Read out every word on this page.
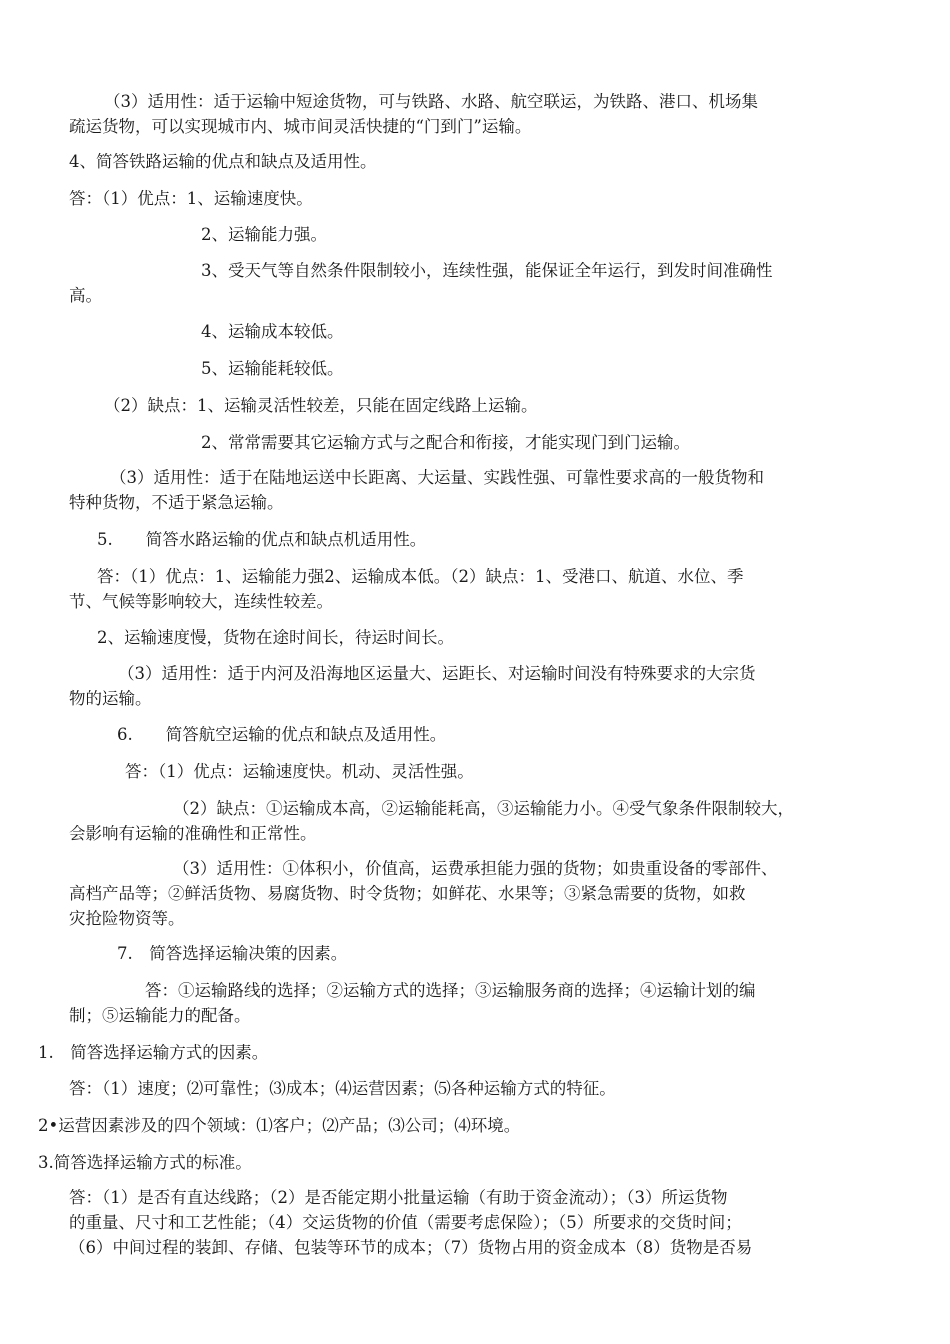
（3）适用性：适于运输中短途货物，可与铁路、水路、航空联运，为铁路、港口、机场集

疏运货物，可以实现城市内、城市间灵活快捷的“门到门”运输。

4、简答铁路运输的优点和缺点及适用性。

答：（1）优点：1、运输速度快。

2、运输能力强。

3、受天气等自然条件限制较小，连续性强，能保证全年运行，到发时间准确性

高。

4、运输成本较低。

5、运输能耗较低。

（2）缺点：1、运输灵活性较差，只能在固定线路上运输。

2、常常需要其它运输方式与之配合和衔接，才能实现门到门运输。

（3）适用性：适于在陆地运送中长距离、大运量、实践性强、可靠性要求高的一般货物和

特种货物，不适于紧急运输。

5.　　简答水路运输的优点和缺点机适用性。

答：（1）优点：1、运输能力强2、运输成本低。（2）缺点：1、受港口、航道、水位、季

节、气候等影响较大，连续性较差。

2、运输速度慢，货物在途时间长，待运时间长。

（3）适用性：适于内河及沿海地区运量大、运距长、对运输时间没有特殊要求的大宗货

物的运输。

6.　　简答航空运输的优点和缺点及适用性。

答：（1）优点：运输速度快。机动、灵活性强。

（2）缺点：①运输成本高，②运输能耗高，③运输能力小。④受气象条件限制较大，

会影响有运输的准确性和正常性。

（3）适用性：①体积小，价值高，运费承担能力强的货物；如贵重设备的零部件、

高档产品等；②鲜活货物、易腐货物、时令货物；如鲜花、水果等；③紧急需要的货物，如救

灾抢险物资等。

7.　简答选择运输决策的因素。

答：①运输路线的选择；②运输方式的选择；③运输服务商的选择；④运输计划的编

制；⑤运输能力的配备。

1.　简答选择运输方式的因素。

答：（1）速度；⑵可靠性；⑶成本；⑷运营因素；⑸各种运输方式的特征。

2•运营因素涉及的四个领域：⑴客户；⑵产品；⑶公司；⑷环境。

3.简答选择运输方式的标准。

答：（1）是否有直达线路；（2）是否能定期小批量运输（有助于资金流动）；（3）所运货物

的重量、尺寸和工艺性能；（4）交运货物的价值（需要考虑保险）；（5）所要求的交货时间；

（6）中间过程的装卸、存储、包装等环节的成本；（7）货物占用的资金成本（8）货物是否易
